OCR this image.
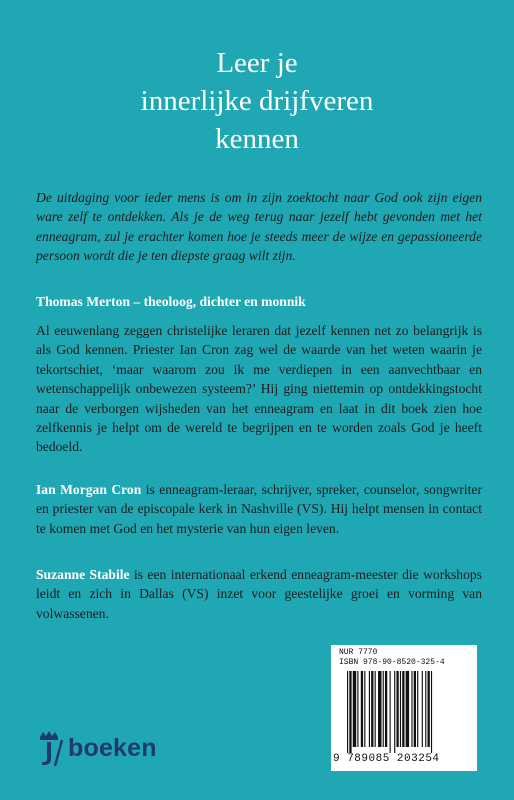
Leer je
innerlijke drijfveren
kennen
De uitdaging voor ieder mens is om in zijn zoektocht naar God ook zijn eigen ware zelf te ontdekken. Als je de weg terug naar jezelf hebt gevonden met het enneagram, zul je erachter komen hoe je steeds meer de wijze en gepassioneerde persoon wordt die je ten diepste graag wilt zijn.
Thomas Merton – theoloog, dichter en monnik
Al eeuwenlang zeggen christelijke leraren dat jezelf kennen net zo belangrijk is als God kennen. Priester Ian Cron zag wel de waarde van het weten waarin je tekortschiet, ‘maar waarom zou ik me verdiepen in een aanvechtbaar en wetenschappelijk onbewezen systeem?’ Hij ging niettemin op ontdekkingstocht naar de verborgen wijsheden van het enneagram en laat in dit boek zien hoe zelfkennis je helpt om de wereld te begrijpen en te worden zoals God je heeft bedoeld.
Ian Morgan Cron is enneagram-leraar, schrijver, spreker, counselor, songwriter en priester van de episcopale kerk in Nashville (VS). Hij helpt mensen in contact te komen met God en het mysterie van hun eigen leven.
Suzanne Stabile is een internationaal erkend enneagram-meester die workshops leidt en zich in Dallas (VS) inzet voor geestelijke groei en vorming van volwassenen.
boeken
NUR 7770
ISBN 978-90-8520-325-4
9 789085 203254
